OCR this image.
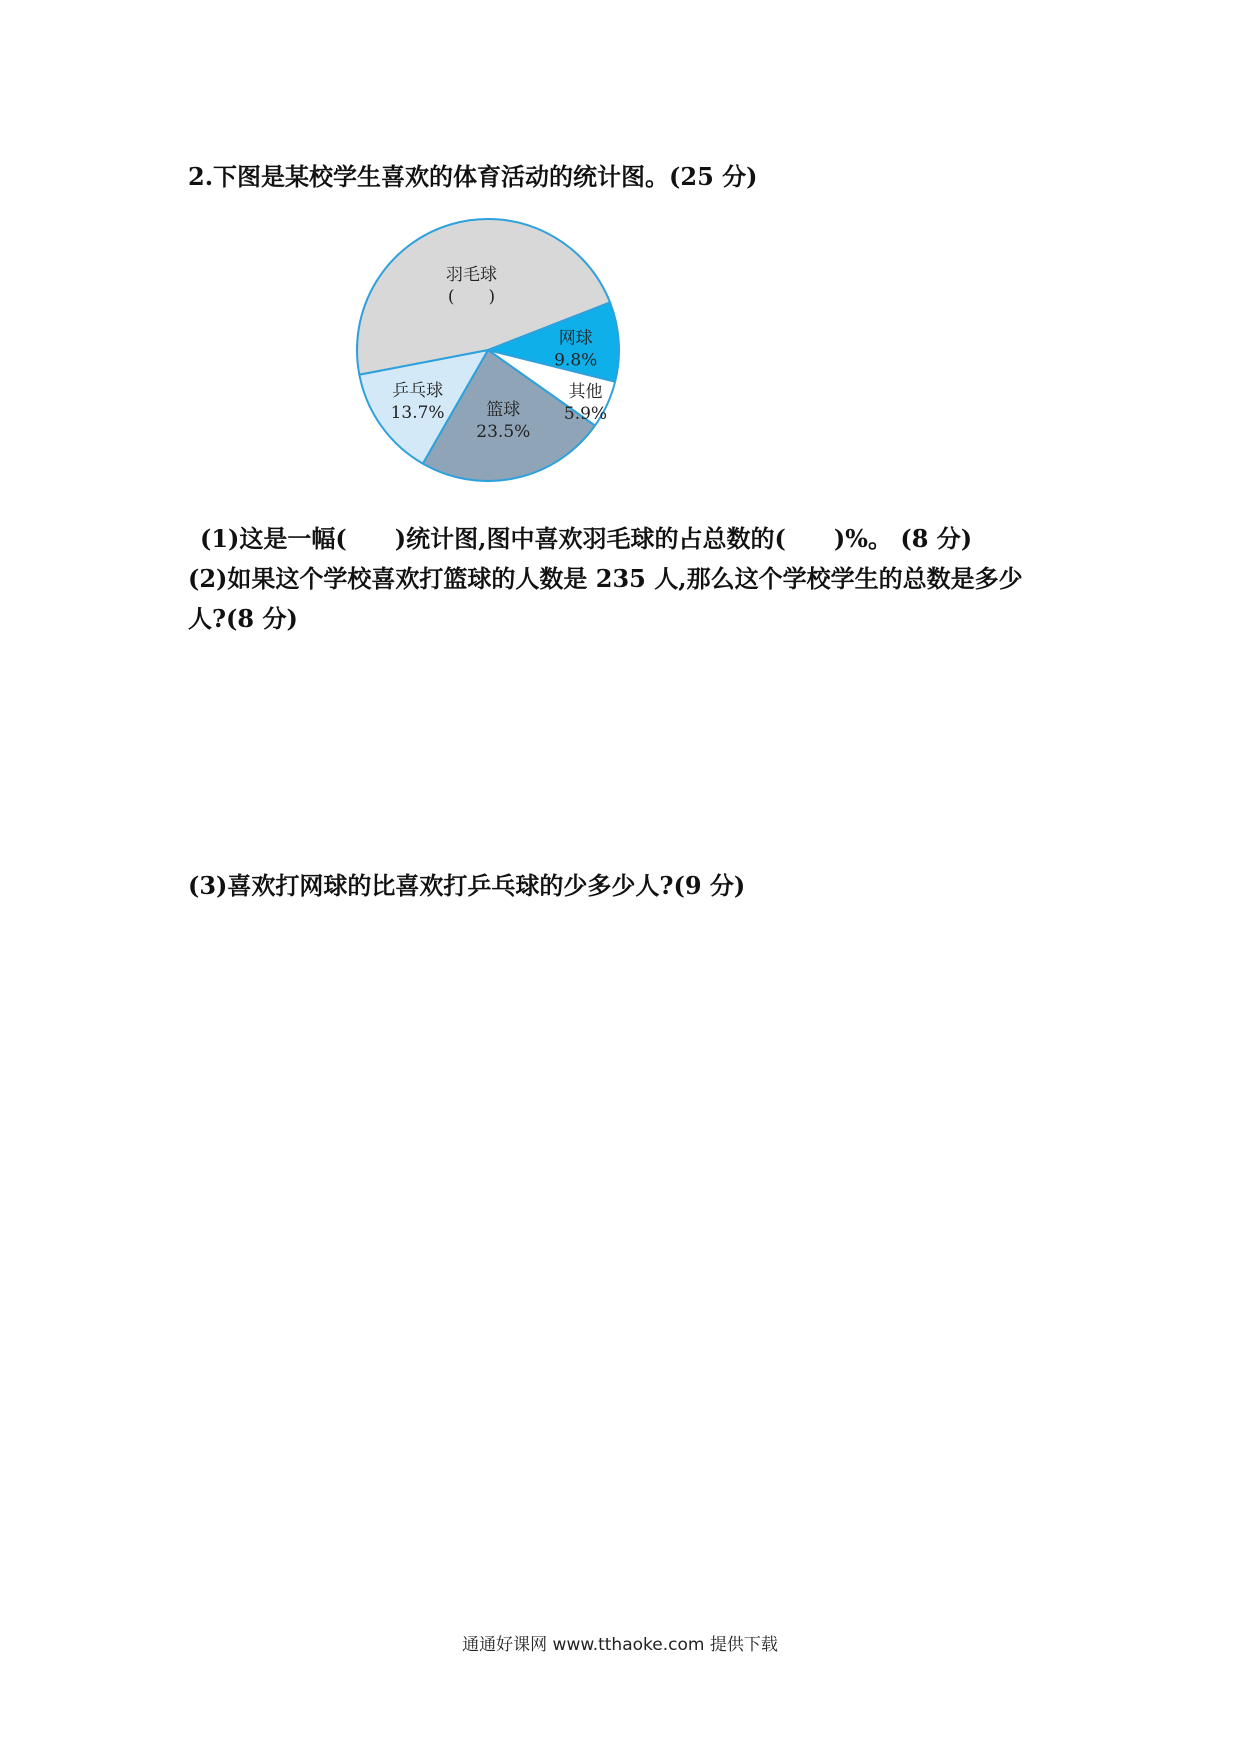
2.下图是某校学生喜欢的体育活动的统计图。(25 分)
其他
5.9%
篮球
23.5%
乒乓球
13.7%
羽毛球
(　　)
网球
9.8%
(1)这是一幅(　　)统计图,图中喜欢羽毛球的占总数的(　　)%。 (8 分)
(2)如果这个学校喜欢打篮球的人数是 235 人,那么这个学校学生的总数是多少
人?(8 分)
(3)喜欢打网球的比喜欢打乒乓球的少多少人?(9 分)
通通好课网 www.tthaoke.com 提供下载
